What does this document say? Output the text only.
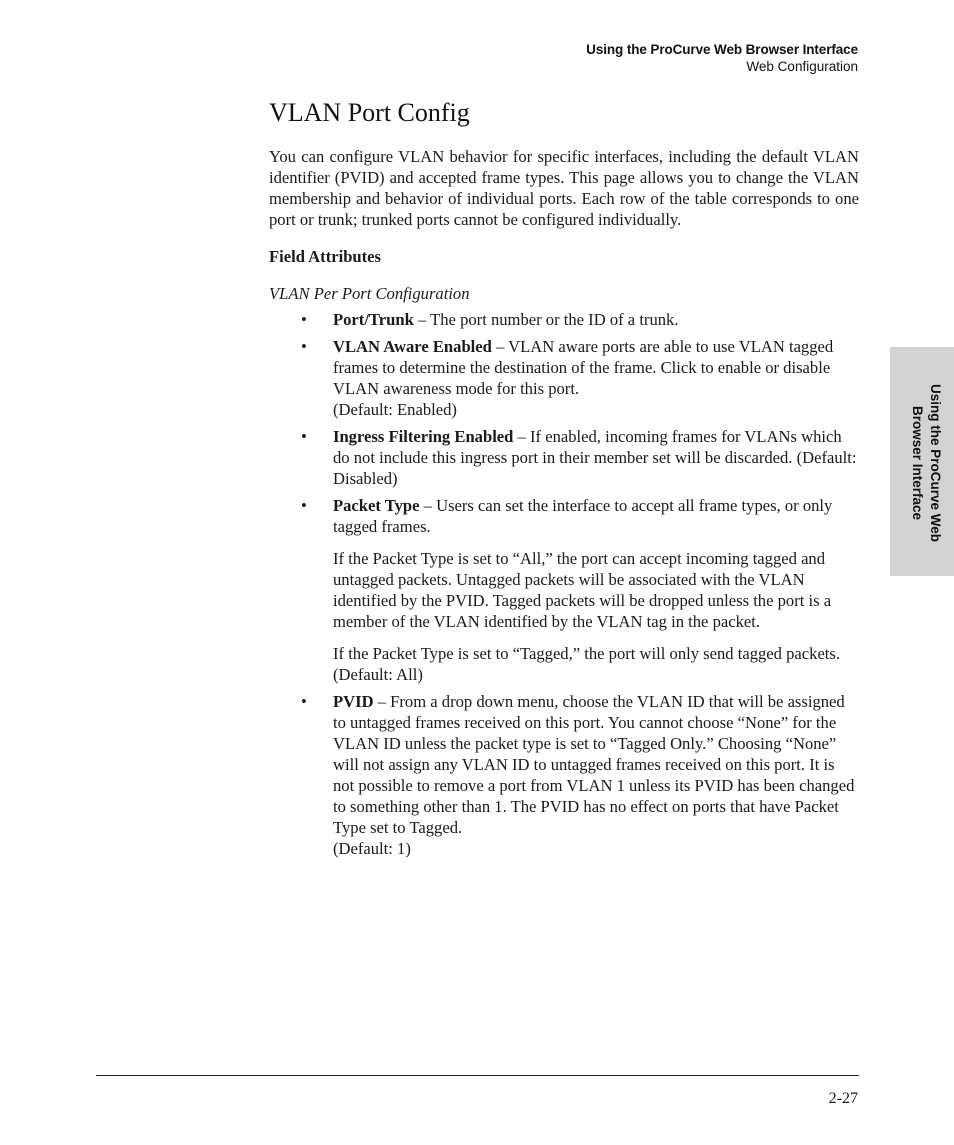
Using the ProCurve Web Browser Interface
Web Configuration
Using the ProCurve Web Browser Interface
VLAN Port Config

You can configure VLAN behavior for specific interfaces, including the default VLAN identifier (PVID) and accepted frame types. This page allows you to change the VLAN membership and behavior of individual ports. Each row of the table corresponds to one port or trunk; trunked ports cannot be configured individually.

Field Attributes

VLAN Per Port Configuration

• Port/Trunk – The port number or the ID of a trunk.
• VLAN Aware Enabled – VLAN aware ports are able to use VLAN tagged frames to determine the destination of the frame. Click to enable or disable VLAN awareness mode for this port.
(Default: Enabled)
• Ingress Filtering Enabled – If enabled, incoming frames for VLANs which do not include this ingress port in their member set will be discarded. (Default: Disabled)
• Packet Type – Users can set the interface to accept all frame types, or only tagged frames.

If the Packet Type is set to “All,” the port can accept incoming tagged and untagged packets. Untagged packets will be associated with the VLAN identified by the PVID. Tagged packets will be dropped unless the port is a member of the VLAN identified by the VLAN tag in the packet.

If the Packet Type is set to “Tagged,” the port will only send tagged packets. (Default: All)

• PVID – From a drop down menu, choose the VLAN ID that will be assigned to untagged frames received on this port. You cannot choose “None” for the VLAN ID unless the packet type is set to “Tagged Only.” Choosing “None” will not assign any VLAN ID to untagged frames received on this port. It is not possible to remove a port from VLAN 1 unless its PVID has been changed to something other than 1. The PVID has no effect on ports that have Packet Type set to Tagged.
(Default: 1)
2-27
